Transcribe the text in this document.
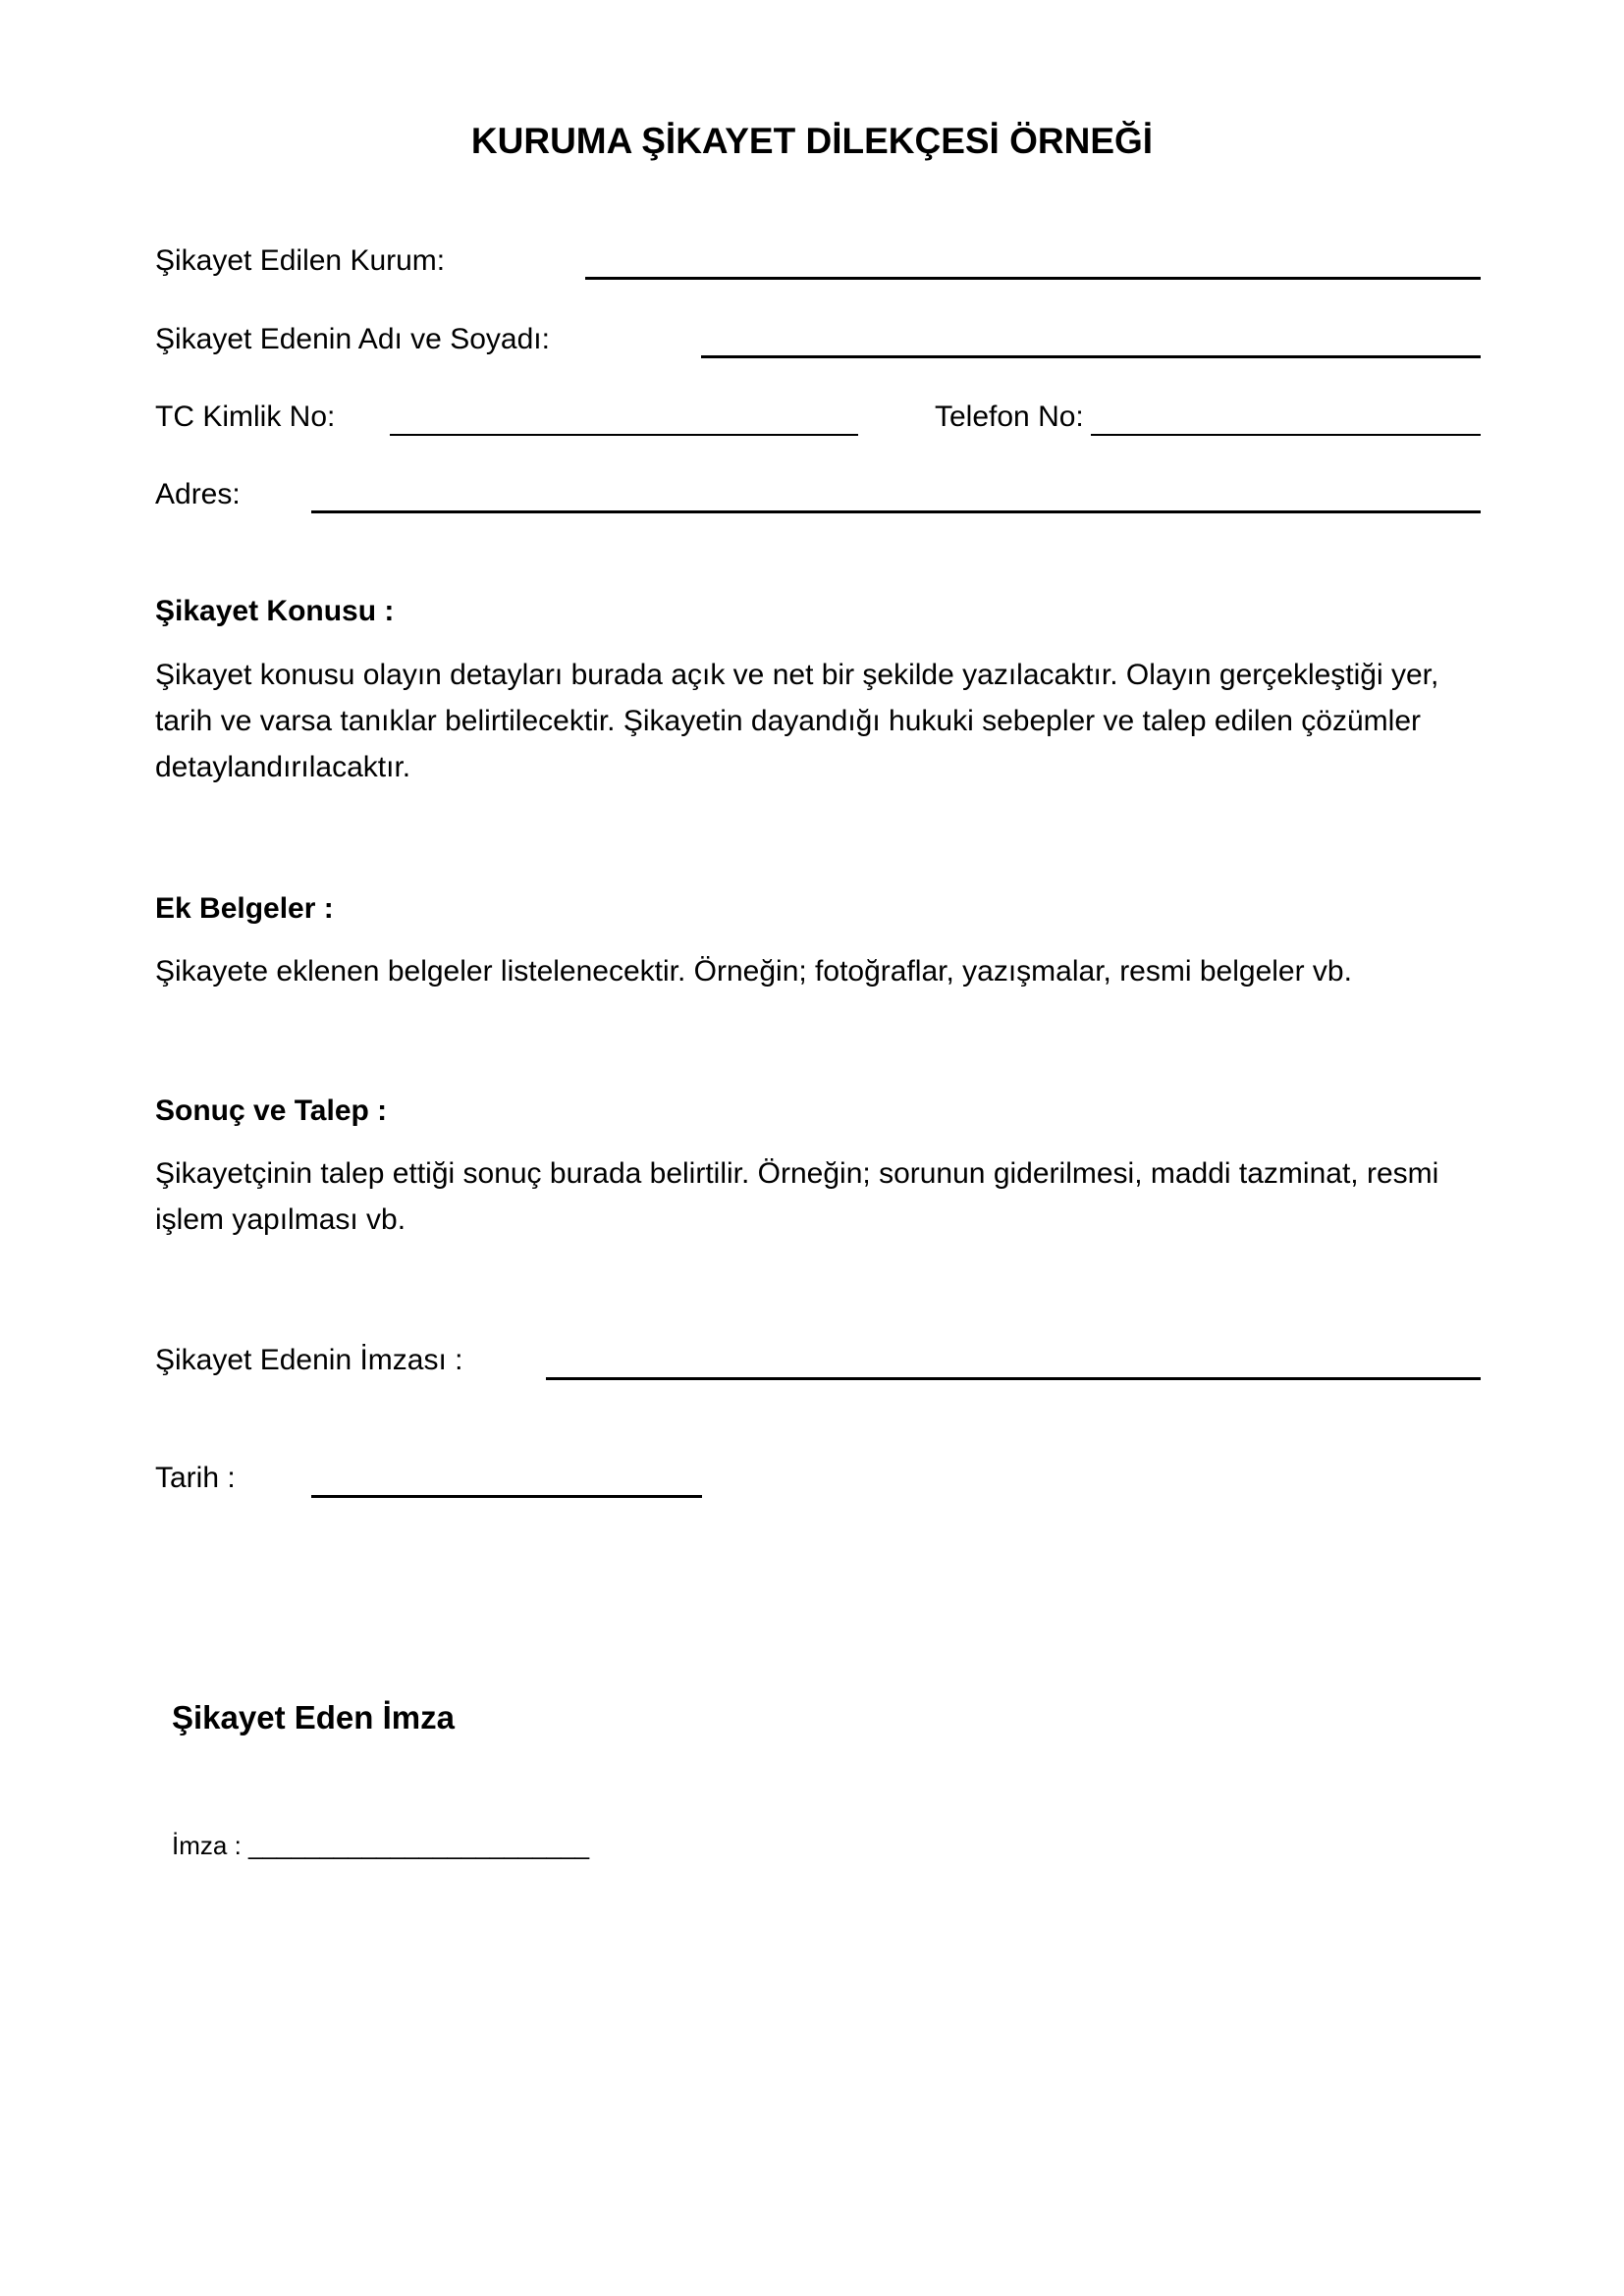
KURUMA ŞİKAYET DİLEKÇESİ ÖRNEĞİ
Şikayet Edilen Kurum:
Şikayet Edenin Adı ve Soyadı:
TC Kimlik No:	Telefon No:
Adres:
Şikayet Konusu :
Şikayet konusu olayın detayları burada açık ve net bir şekilde yazılacaktır. Olayın gerçekleştiği yer, tarih ve varsa tanıklar belirtilecektir. Şikayetin dayandığı hukuki sebepler ve talep edilen çözümler detaylandırılacaktır.
Ek Belgeler :
Şikayete eklenen belgeler listelenecektir. Örneğin; fotoğraflar, yazışmalar, resmi belgeler vb.
Sonuç ve Talep :
Şikayetçinin talep ettiği sonuç burada belirtilir. Örneğin; sorunun giderilmesi, maddi tazminat, resmi işlem yapılması vb.
Şikayet Edenin İmzası :
Tarih :
Şikayet Eden İmza
İmza : ________________________
